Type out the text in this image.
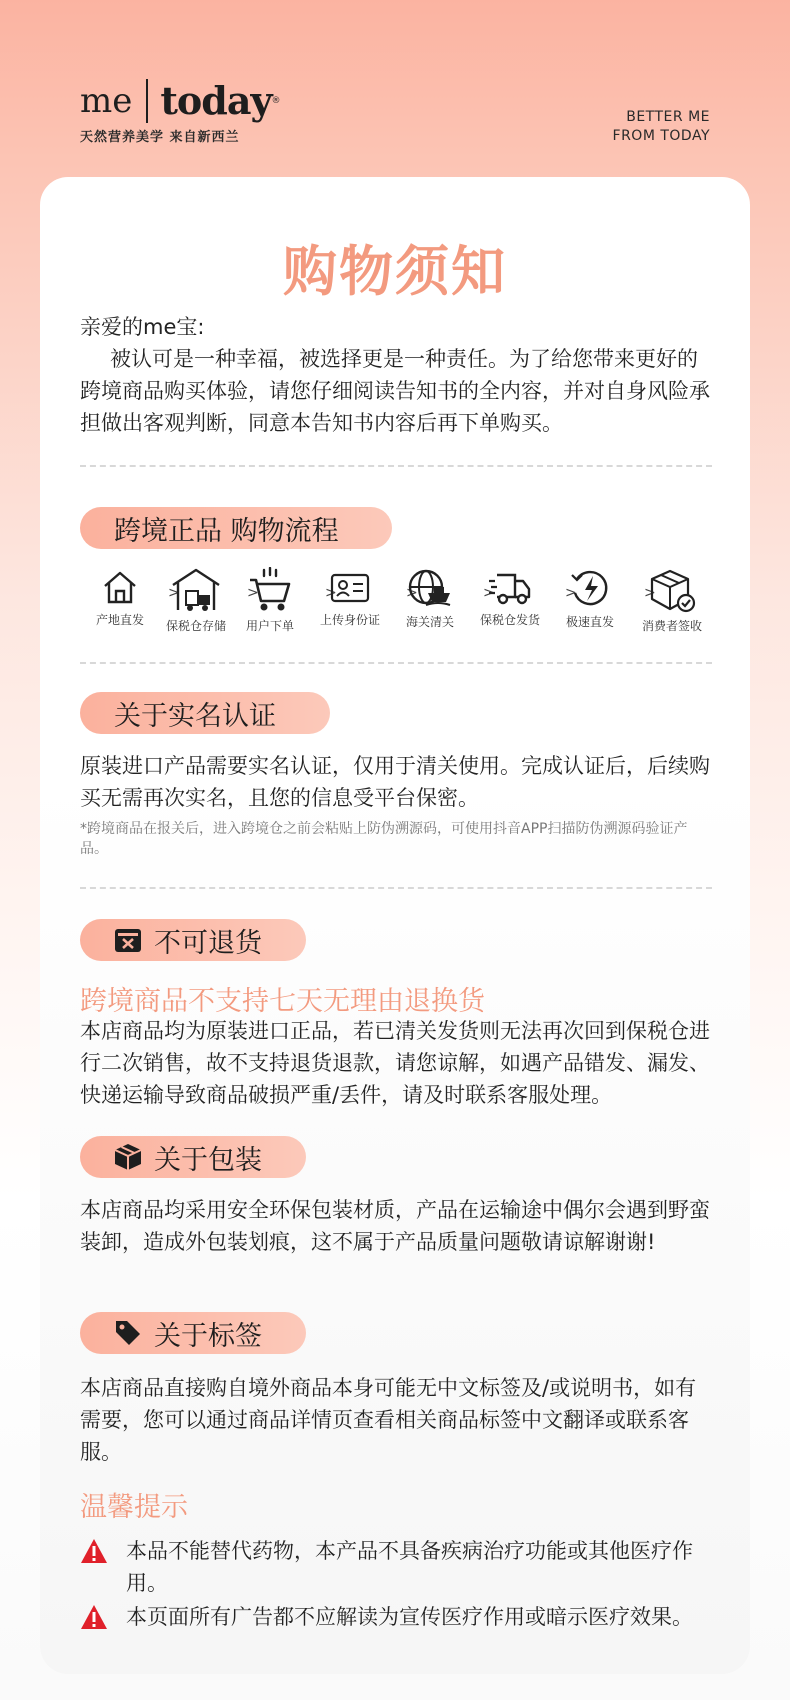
me today ®
天然营养美学 来自新西兰
BETTER ME
FROM TODAY
购物须知
亲爱的me宝:
被认可是一种幸福，被选择更是一种责任。为了给您带来更好的跨境商品购买体验，请您仔细阅读告知书的全内容，并对自身风险承担做出客观判断，同意本告知书内容后再下单购买。
跨境正品 购物流程
产地直发
>
保税仓存储
>
用户下单
>
上传身份证
>
海关清关
>
保税仓发货
>
极速直发
>
消费者签收
关于实名认证
原装进口产品需要实名认证，仅用于清关使用。完成认证后，后续购买无需再次实名，且您的信息受平台保密。
*跨境商品在报关后，进入跨境仓之前会粘贴上防伪溯源码，可使用抖音APP扫描防伪溯源码验证产品。
不可退货
跨境商品不支持七天无理由退换货
本店商品均为原装进口正品，若已清关发货则无法再次回到保税仓进行二次销售，故不支持退货退款，请您谅解，如遇产品错发、漏发、快递运输导致商品破损严重/丢件，请及时联系客服处理。
关于包装
本店商品均采用安全环保包装材质，产品在运输途中偶尔会遇到野蛮装卸，造成外包装划痕，这不属于产品质量问题敬请谅解谢谢!
关于标签
本店商品直接购自境外商品本身可能无中文标签及/或说明书，如有需要，您可以通过商品详情页查看相关商品标签中文翻译或联系客服。
温馨提示
本品不能替代药物，本产品不具备疾病治疗功能或其他医疗作用。
本页面所有广告都不应解读为宣传医疗作用或暗示医疗效果。
